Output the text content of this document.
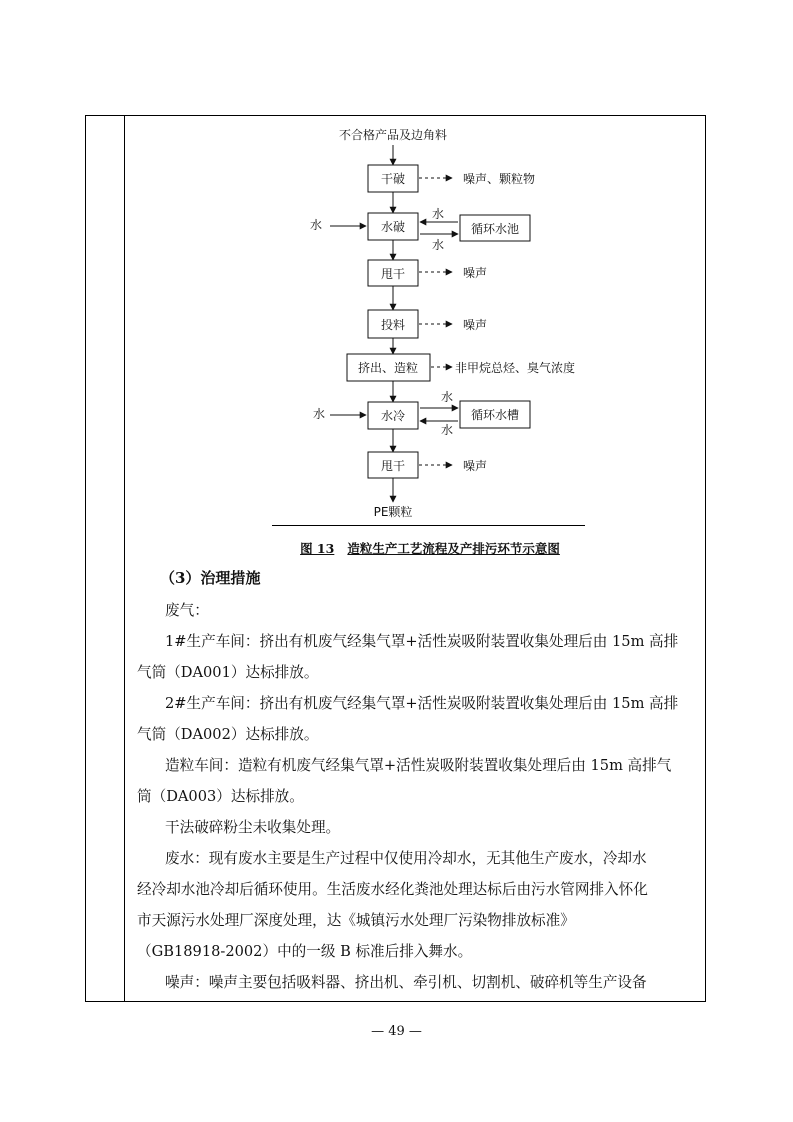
不合格产品及边角料
干破
水破
甩干
投料
挤出、造粒
水冷
甩干
循环水池
循环水槽
PE颗粒
噪声、颗粒物
噪声
噪声
非甲烷总烃、臭气浓度
噪声
水
水
水
水
水
水
图 13 造粒生产工艺流程及产排污环节示意图
（3）治理措施
废气：
1#生产车间：挤出有机废气经集气罩+活性炭吸附装置收集处理后由 15m 高排
气筒（DA001）达标排放。
2#生产车间：挤出有机废气经集气罩+活性炭吸附装置收集处理后由 15m 高排
气筒（DA002）达标排放。
造粒车间：造粒有机废气经集气罩+活性炭吸附装置收集处理后由 15m 高排气
筒（DA003）达标排放。
干法破碎粉尘未收集处理。
废水：现有废水主要是生产过程中仅使用冷却水，无其他生产废水，冷却水
经冷却水池冷却后循环使用。生活废水经化粪池处理达标后由污水管网排入怀化
市天源污水处理厂深度处理，达《城镇污水处理厂污染物排放标准》
（GB18918-2002）中的一级 B 标准后排入舞水。
噪声：噪声主要包括吸料器、挤出机、牵引机、切割机、破碎机等生产设备
— 49 —
